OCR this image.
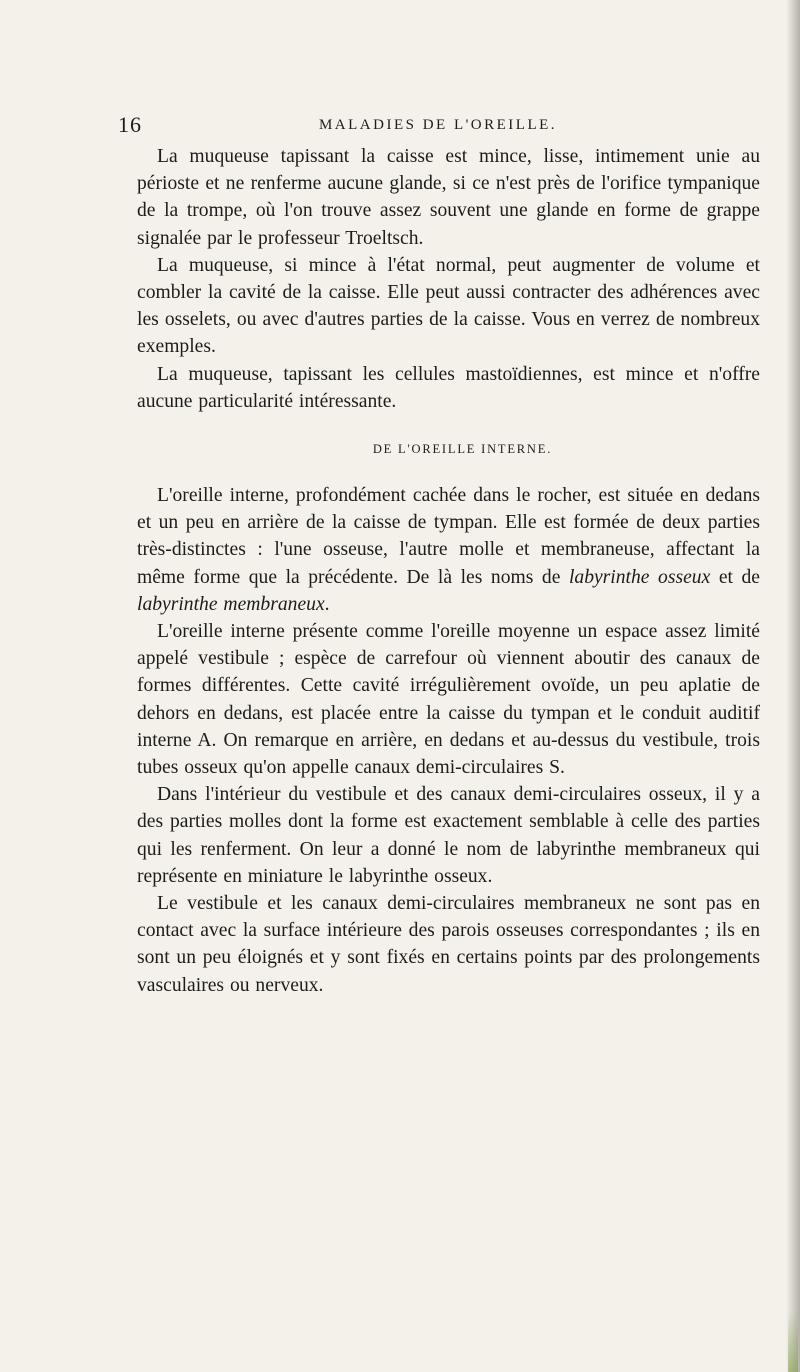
16	MALADIES DE L'OREILLE.

La muqueuse tapissant la caisse est mince, lisse, intimement unie au périoste et ne renferme aucune glande, si ce n'est près de l'orifice tympanique de la trompe, où l'on trouve assez souvent une glande en forme de grappe signalée par le professeur Troeltsch.

La muqueuse, si mince à l'état normal, peut augmenter de volume et combler la cavité de la caisse. Elle peut aussi contracter des adhérences avec les osselets, ou avec d'autres parties de la caisse. Vous en verrez de nombreux exemples.

La muqueuse, tapissant les cellules mastoïdiennes, est mince et n'offre aucune particularité intéressante.

DE L'OREILLE INTERNE.

L'oreille interne, profondément cachée dans le rocher, est située en dedans et un peu en arrière de la caisse de tympan. Elle est formée de deux parties très-distinctes : l'une osseuse, l'autre molle et membraneuse, affectant la même forme que la précédente. De là les noms de labyrinthe osseux et de labyrinthe membraneux.

L'oreille interne présente comme l'oreille moyenne un espace assez limité appelé vestibule ; espèce de carrefour où viennent aboutir des canaux de formes différentes. Cette cavité irrégulièrement ovoïde, un peu aplatie de dehors en dedans, est placée entre la caisse du tympan et le conduit auditif interne A. On remarque en arrière, en dedans et au-dessus du vestibule, trois tubes osseux qu'on appelle canaux demi-circulaires S.

Dans l'intérieur du vestibule et des canaux demi-circulaires osseux, il y a des parties molles dont la forme est exactement semblable à celle des parties qui les renferment. On leur a donné le nom de labyrinthe membraneux qui représente en miniature le labyrinthe osseux.

Le vestibule et les canaux demi-circulaires membraneux ne sont pas en contact avec la surface intérieure des parois osseuses correspondantes ; ils en sont un peu éloignés et y sont fixés en certains points par des prolongements vasculaires ou nerveux.
